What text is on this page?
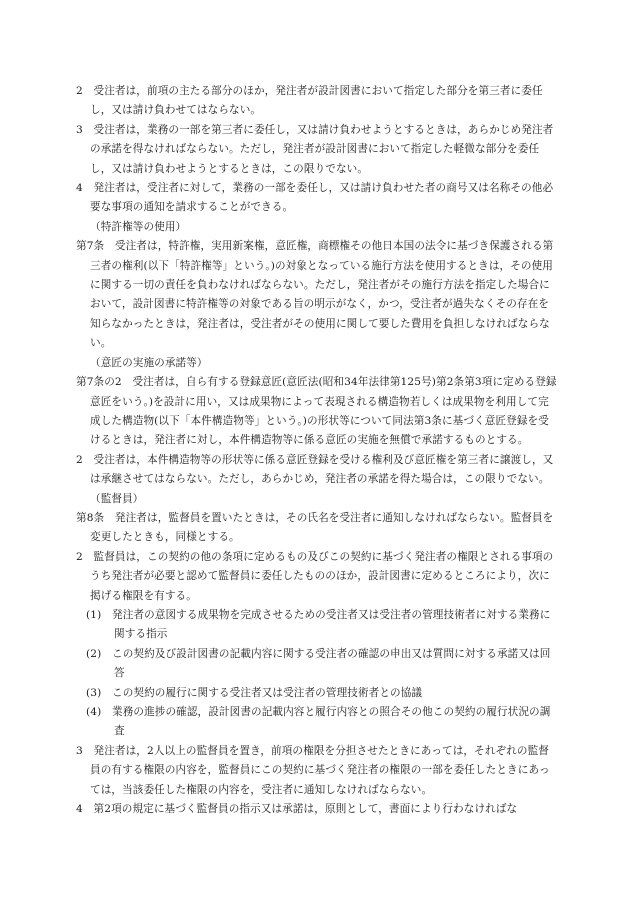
2　受注者は，前項の主たる部分のほか，発注者が設計図書において指定した部分を第三者に委任し，又は請け負わせてはならない。

3　受注者は，業務の一部を第三者に委任し，又は請け負わせようとするときは，あらかじめ発注者の承諾を得なければならない。ただし，発注者が設計図書において指定した軽微な部分を委任し，又は請け負わせようとするときは，この限りでない。

4　発注者は，受注者に対して，業務の一部を委任し，又は請け負わせた者の商号又は名称その他必要な事項の通知を請求することができる。

（特許権等の使用）

第7条　受注者は，特許権，実用新案権，意匠権，商標権その他日本国の法令に基づき保護される第三者の権利(以下「特許権等」という。)の対象となっている施行方法を使用するときは，その使用に関する一切の責任を負わなければならない。ただし，発注者がその施行方法を指定した場合において，設計図書に特許権等の対象である旨の明示がなく，かつ，受注者が過失なくその存在を知らなかったときは，発注者は，受注者がその使用に関して要した費用を負担しなければならない。

（意匠の実施の承諾等）

第7条の2　受注者は，自ら有する登録意匠(意匠法(昭和34年法律第125号)第2条第3項に定める登録意匠をいう。)を設計に用い，又は成果物によって表現される構造物若しくは成果物を利用して完成した構造物(以下「本件構造物等」という。)の形状等について同法第3条に基づく意匠登録を受けるときは，発注者に対し，本件構造物等に係る意匠の実施を無償で承諾するものとする。

2　受注者は，本件構造物等の形状等に係る意匠登録を受ける権利及び意匠権を第三者に譲渡し，又は承継させてはならない。ただし，あらかじめ，発注者の承諾を得た場合は，この限りでない。

（監督員）

第8条　発注者は，監督員を置いたときは，その氏名を受注者に通知しなければならない。監督員を変更したときも，同様とする。

2　監督員は，この契約の他の条項に定めるもの及びこの契約に基づく発注者の権限とされる事項のうち発注者が必要と認めて監督員に委任したもののほか，設計図書に定めるところにより，次に掲げる権限を有する。

(1)　発注者の意図する成果物を完成させるための受注者又は受注者の管理技術者に対する業務に関する指示

(2)　この契約及び設計図書の記載内容に関する受注者の確認の申出又は質問に対する承諾又は回答

(3)　この契約の履行に関する受注者又は受注者の管理技術者との協議

(4)　業務の進捗の確認，設計図書の記載内容と履行内容との照合その他この契約の履行状況の調査

3　発注者は，2人以上の監督員を置き，前項の権限を分担させたときにあっては，それぞれの監督員の有する権限の内容を，監督員にこの契約に基づく発注者の権限の一部を委任したときにあっては，当該委任した権限の内容を，受注者に通知しなければならない。

4　第2項の規定に基づく監督員の指示又は承諾は，原則として，書面により行わなければな
